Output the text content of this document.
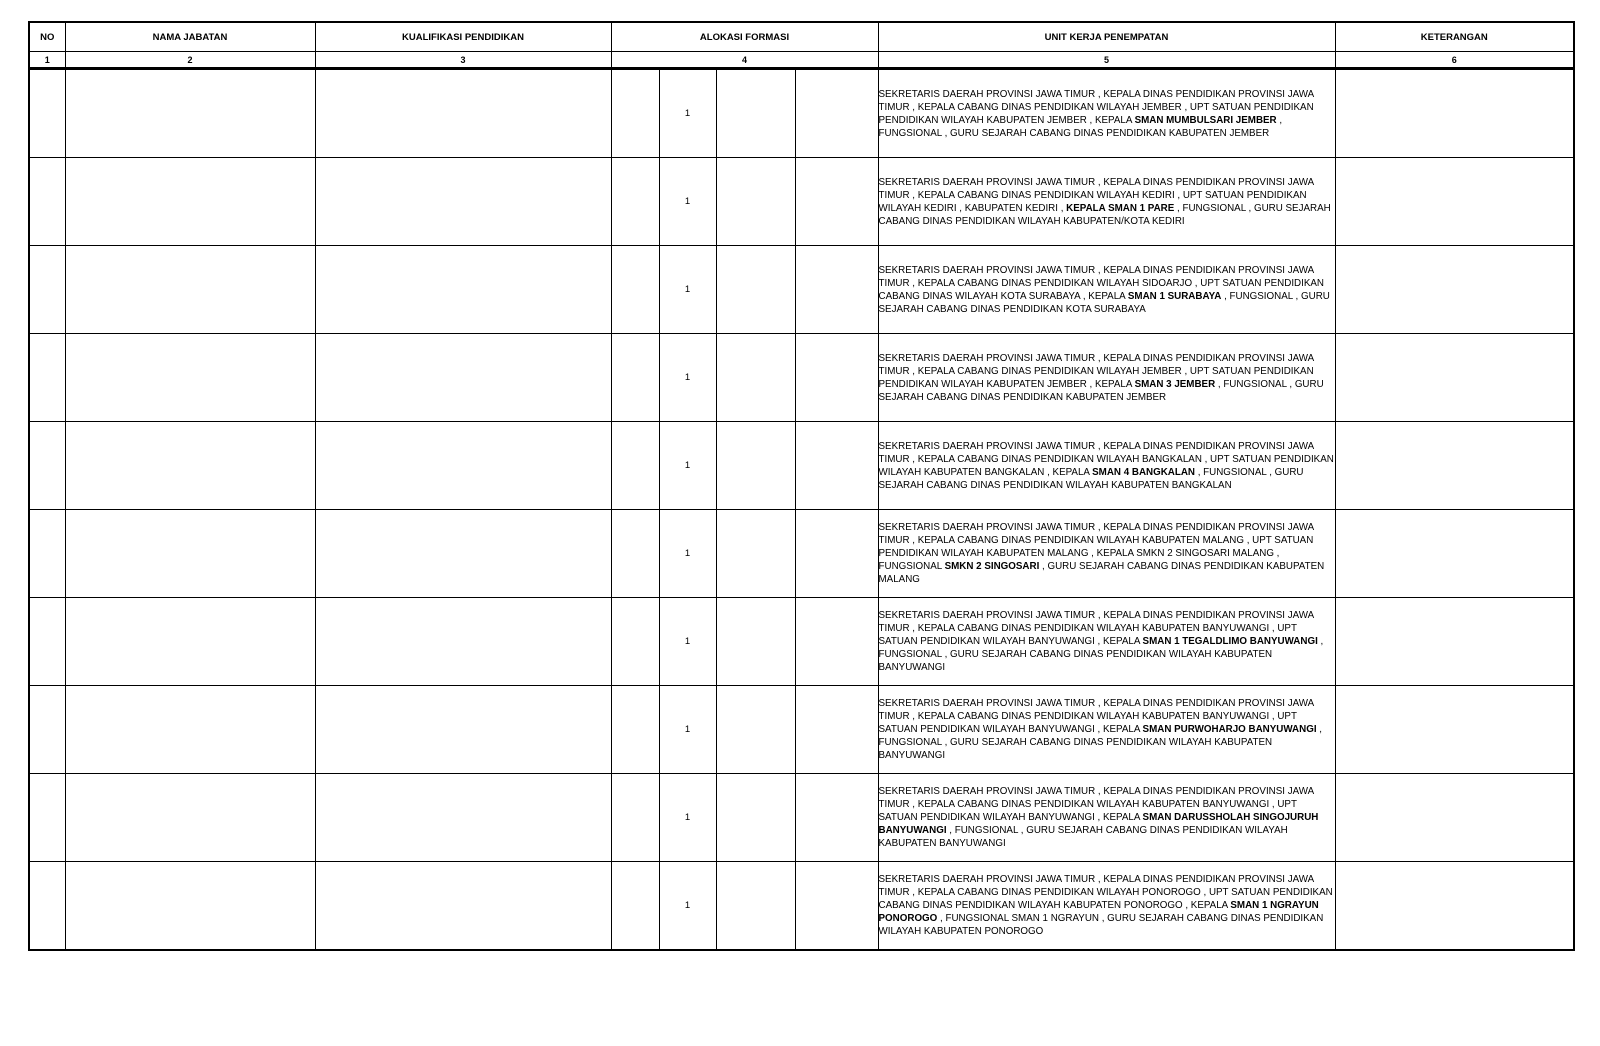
NO	NAMA JABATAN	KUALIFIKASI PENDIDIKAN	ALOKASI FORMASI				UNIT KERJA PENEMPATAN	KETERANGAN
1	2	3	4				5	6
				1			SEKRETARIS DAERAH PROVINSI JAWA TIMUR , KEPALA DINAS PENDIDIKAN PROVINSI JAWA TIMUR , KEPALA CABANG DINAS PENDIDIKAN WILAYAH JEMBER , UPT SATUAN PENDIDIKAN PENDIDIKAN WILAYAH KABUPATEN JEMBER , KEPALA SMAN MUMBULSARI JEMBER , FUNGSIONAL , GURU SEJARAH CABANG DINAS PENDIDIKAN KABUPATEN JEMBER	
				1			SEKRETARIS DAERAH PROVINSI JAWA TIMUR , KEPALA DINAS PENDIDIKAN PROVINSI JAWA TIMUR , KEPALA CABANG DINAS PENDIDIKAN WILAYAH KEDIRI , UPT SATUAN PENDIDIKAN WILAYAH KEDIRI , KABUPATEN KEDIRI , KEPALA SMAN 1 PARE , FUNGSIONAL , GURU SEJARAH CABANG DINAS PENDIDIKAN WILAYAH KABUPATEN/KOTA KEDIRI	
				1			SEKRETARIS DAERAH PROVINSI JAWA TIMUR , KEPALA DINAS PENDIDIKAN PROVINSI JAWA TIMUR , KEPALA CABANG DINAS PENDIDIKAN WILAYAH SIDOARJO , UPT SATUAN PENDIDIKAN CABANG DINAS WILAYAH KOTA SURABAYA , KEPALA SMAN 1 SURABAYA , FUNGSIONAL , GURU SEJARAH CABANG DINAS PENDIDIKAN KOTA SURABAYA	
				1			SEKRETARIS DAERAH PROVINSI JAWA TIMUR , KEPALA DINAS PENDIDIKAN PROVINSI JAWA TIMUR , KEPALA CABANG DINAS PENDIDIKAN WILAYAH JEMBER , UPT SATUAN PENDIDIKAN PENDIDIKAN WILAYAH KABUPATEN JEMBER , KEPALA SMAN 3 JEMBER , FUNGSIONAL , GURU SEJARAH CABANG DINAS PENDIDIKAN KABUPATEN JEMBER	
				1			SEKRETARIS DAERAH PROVINSI JAWA TIMUR , KEPALA DINAS PENDIDIKAN PROVINSI JAWA TIMUR , KEPALA CABANG DINAS PENDIDIKAN WILAYAH BANGKALAN , UPT SATUAN PENDIDIKAN WILAYAH KABUPATEN BANGKALAN , KEPALA SMAN 4 BANGKALAN , FUNGSIONAL , GURU SEJARAH CABANG DINAS PENDIDIKAN WILAYAH KABUPATEN BANGKALAN	
				1			SEKRETARIS DAERAH PROVINSI JAWA TIMUR , KEPALA DINAS PENDIDIKAN PROVINSI JAWA TIMUR , KEPALA CABANG DINAS PENDIDIKAN WILAYAH KABUPATEN MALANG , UPT SATUAN PENDIDIKAN WILAYAH KABUPATEN MALANG , KEPALA SMKN 2 SINGOSARI MALANG , FUNGSIONAL SMKN 2 SINGOSARI , GURU SEJARAH CABANG DINAS PENDIDIKAN KABUPATEN MALANG	
				1			SEKRETARIS DAERAH PROVINSI JAWA TIMUR , KEPALA DINAS PENDIDIKAN PROVINSI JAWA TIMUR , KEPALA CABANG DINAS PENDIDIKAN WILAYAH KABUPATEN BANYUWANGI , UPT SATUAN PENDIDIKAN WILAYAH BANYUWANGI , KEPALA SMAN 1 TEGALDLIMO BANYUWANGI , FUNGSIONAL , GURU SEJARAH CABANG DINAS PENDIDIKAN WILAYAH KABUPATEN BANYUWANGI	
				1			SEKRETARIS DAERAH PROVINSI JAWA TIMUR , KEPALA DINAS PENDIDIKAN PROVINSI JAWA TIMUR , KEPALA CABANG DINAS PENDIDIKAN WILAYAH KABUPATEN BANYUWANGI , UPT SATUAN PENDIDIKAN WILAYAH BANYUWANGI , KEPALA SMAN PURWOHARJO BANYUWANGI , FUNGSIONAL , GURU SEJARAH CABANG DINAS PENDIDIKAN WILAYAH KABUPATEN BANYUWANGI	
				1			SEKRETARIS DAERAH PROVINSI JAWA TIMUR , KEPALA DINAS PENDIDIKAN PROVINSI JAWA TIMUR , KEPALA CABANG DINAS PENDIDIKAN WILAYAH KABUPATEN BANYUWANGI , UPT SATUAN PENDIDIKAN WILAYAH BANYUWANGI , KEPALA SMAN DARUSSHOLAH SINGOJURUH BANYUWANGI , FUNGSIONAL , GURU SEJARAH CABANG DINAS PENDIDIKAN WILAYAH KABUPATEN BANYUWANGI	
				1			SEKRETARIS DAERAH PROVINSI JAWA TIMUR , KEPALA DINAS PENDIDIKAN PROVINSI JAWA TIMUR , KEPALA CABANG DINAS PENDIDIKAN WILAYAH PONOROGO , UPT SATUAN PENDIDIKAN CABANG DINAS PENDIDIKAN WILAYAH KABUPATEN PONOROGO , KEPALA SMAN 1 NGRAYUN PONOROGO , FUNGSIONAL SMAN 1 NGRAYUN , GURU SEJARAH CABANG DINAS PENDIDIKAN WILAYAH KABUPATEN PONOROGO	
